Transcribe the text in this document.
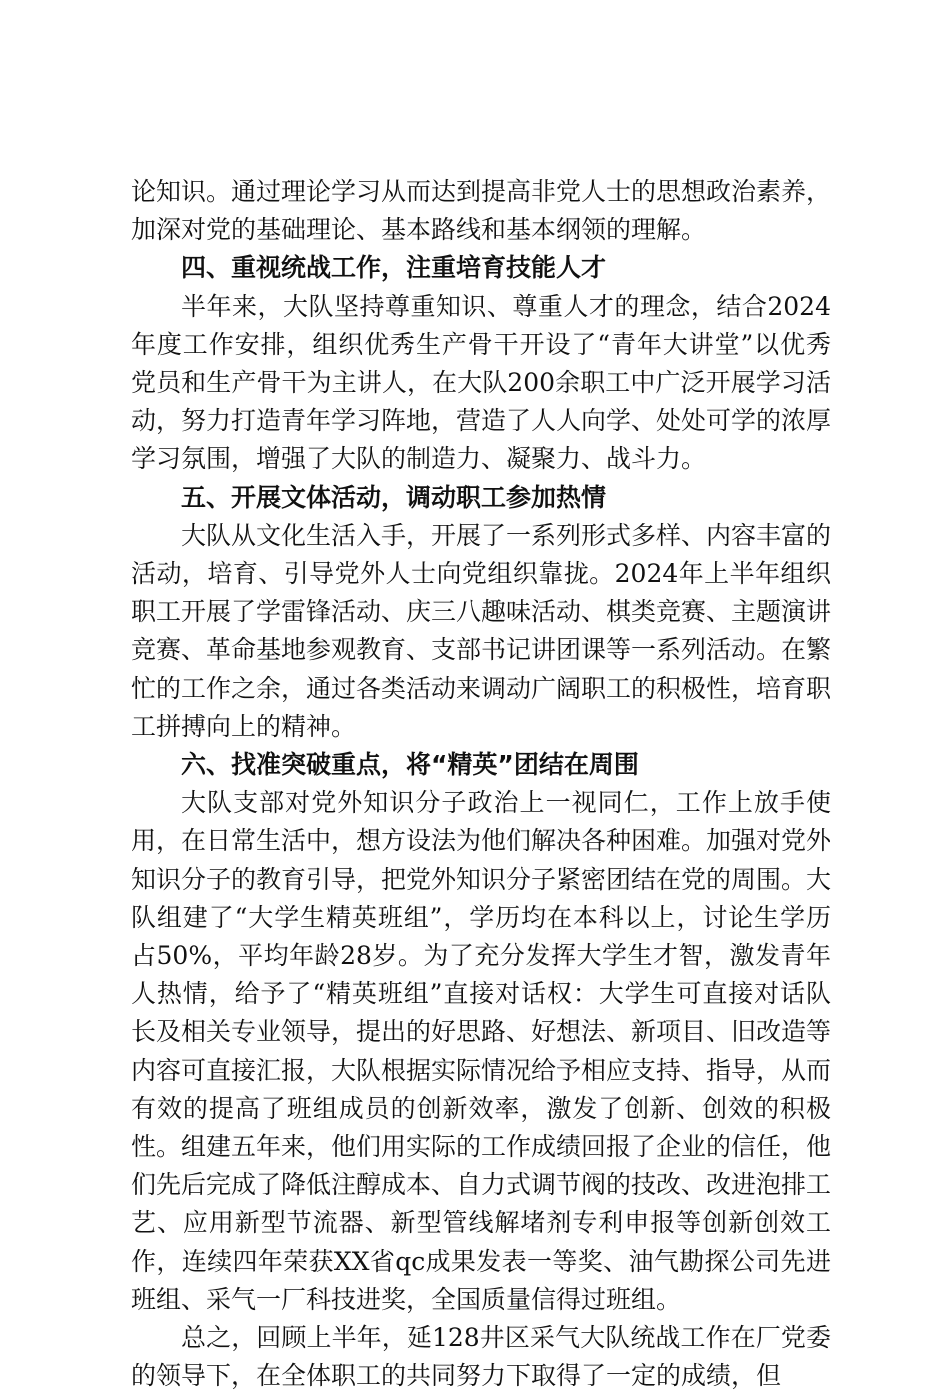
论知识。通过理论学习从而达到提高非党人士的思想政治素养，加深对党的基础理论、基本路线和基本纲领的理解。

四、重视统战工作，注重培育技能人才

半年来，大队坚持尊重知识、尊重人才的理念，结合2024年度工作安排，组织优秀生产骨干开设了“青年大讲堂”以优秀党员和生产骨干为主讲人，在大队200余职工中广泛开展学习活动，努力打造青年学习阵地，营造了人人向学、处处可学的浓厚学习氛围，增强了大队的制造力、凝聚力、战斗力。

五、开展文体活动，调动职工参加热情

大队从文化生活入手，开展了一系列形式多样、内容丰富的活动，培育、引导党外人士向党组织靠拢。2024年上半年组织职工开展了学雷锋活动、庆三八趣味活动、棋类竞赛、主题演讲竞赛、革命基地参观教育、支部书记讲团课等一系列活动。在繁忙的工作之余，通过各类活动来调动广阔职工的积极性，培育职工拼搏向上的精神。

六、找准突破重点，将“精英”团结在周围

大队支部对党外知识分子政治上一视同仁，工作上放手使用，在日常生活中，想方设法为他们解决各种困难。加强对党外知识分子的教育引导，把党外知识分子紧密团结在党的周围。大队组建了“大学生精英班组”，学历均在本科以上，讨论生学历占50%，平均年龄28岁。为了充分发挥大学生才智，激发青年人热情，给予了“精英班组”直接对话权：大学生可直接对话队长及相关专业领导，提出的好思路、好想法、新项目、旧改造等内容可直接汇报，大队根据实际情况给予相应支持、指导，从而有效的提高了班组成员的创新效率，激发了创新、创效的积极性。组建五年来，他们用实际的工作成绩回报了企业的信任，他们先后完成了降低注醇成本、自力式调节阀的技改、改进泡排工艺、应用新型节流器、新型管线解堵剂专利申报等创新创效工作，连续四年荣获XX省qc成果发表一等奖、油气勘探公司先进班组、采气一厂科技进奖，全国质量信得过班组。

总之，回顾上半年，延128井区采气大队统战工作在厂党委的领导下，在全体职工的共同努力下取得了一定的成绩，但
